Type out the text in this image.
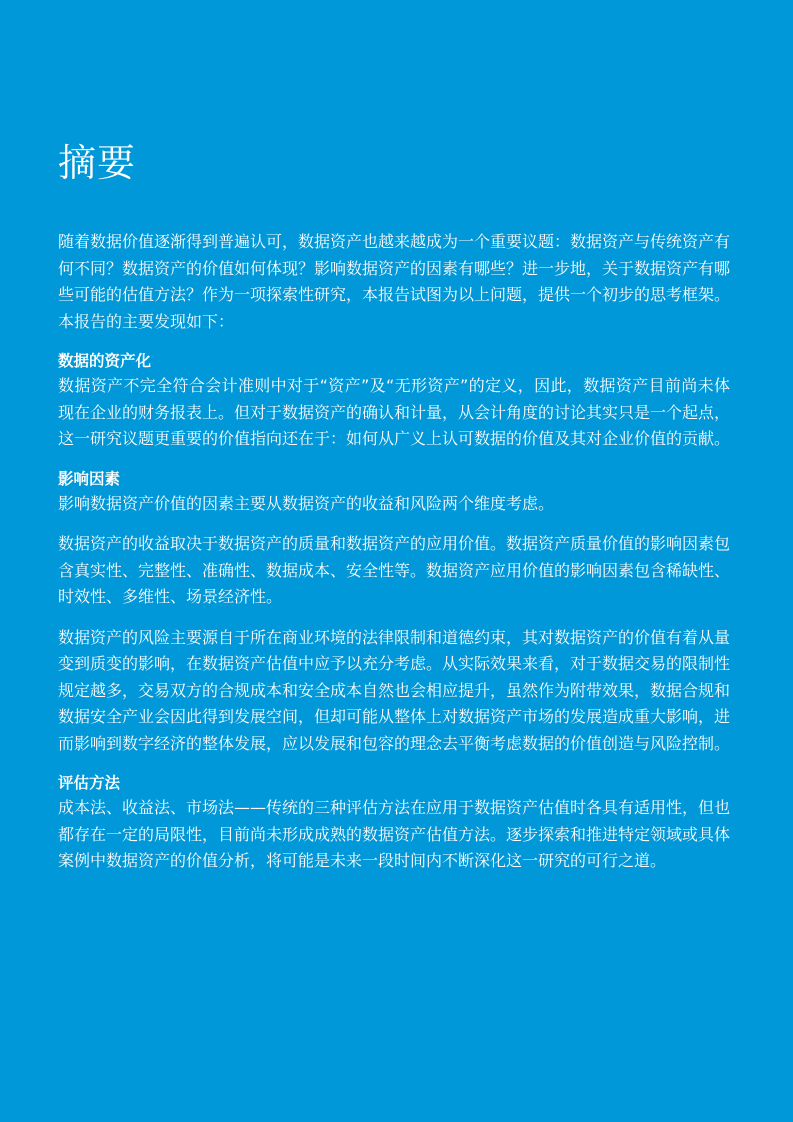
摘要

随着数据价值逐渐得到普遍认可，数据资产也越来越成为一个重要议题：数据资产与传统资产有何不同？数据资产的价值如何体现？影响数据资产的因素有哪些？进一步地，关于数据资产有哪些可能的估值方法？作为一项探索性研究，本报告试图为以上问题，提供一个初步的思考框架。本报告的主要发现如下：

数据的资产化

数据资产不完全符合会计准则中对于“资产”及“无形资产”的定义，因此，数据资产目前尚未体现在企业的财务报表上。但对于数据资产的确认和计量，从会计角度的讨论其实只是一个起点，这一研究议题更重要的价值指向还在于：如何从广义上认可数据的价值及其对企业价值的贡献。

影响因素

影响数据资产价值的因素主要从数据资产的收益和风险两个维度考虑。

数据资产的收益取决于数据资产的质量和数据资产的应用价值。数据资产质量价值的影响因素包含真实性、完整性、准确性、数据成本、安全性等。数据资产应用价值的影响因素包含稀缺性、时效性、多维性、场景经济性。

数据资产的风险主要源自于所在商业环境的法律限制和道德约束，其对数据资产的价值有着从量变到质变的影响，在数据资产估值中应予以充分考虑。从实际效果来看，对于数据交易的限制性规定越多，交易双方的合规成本和安全成本自然也会相应提升，虽然作为附带效果，数据合规和数据安全产业会因此得到发展空间，但却可能从整体上对数据资产市场的发展造成重大影响，进而影响到数字经济的整体发展，应以发展和包容的理念去平衡考虑数据的价值创造与风险控制。

评估方法

成本法、收益法、市场法——传统的三种评估方法在应用于数据资产估值时各具有适用性，但也都存在一定的局限性，目前尚未形成成熟的数据资产估值方法。逐步探索和推进特定领域或具体案例中数据资产的价值分析，将可能是未来一段时间内不断深化这一研究的可行之道。
